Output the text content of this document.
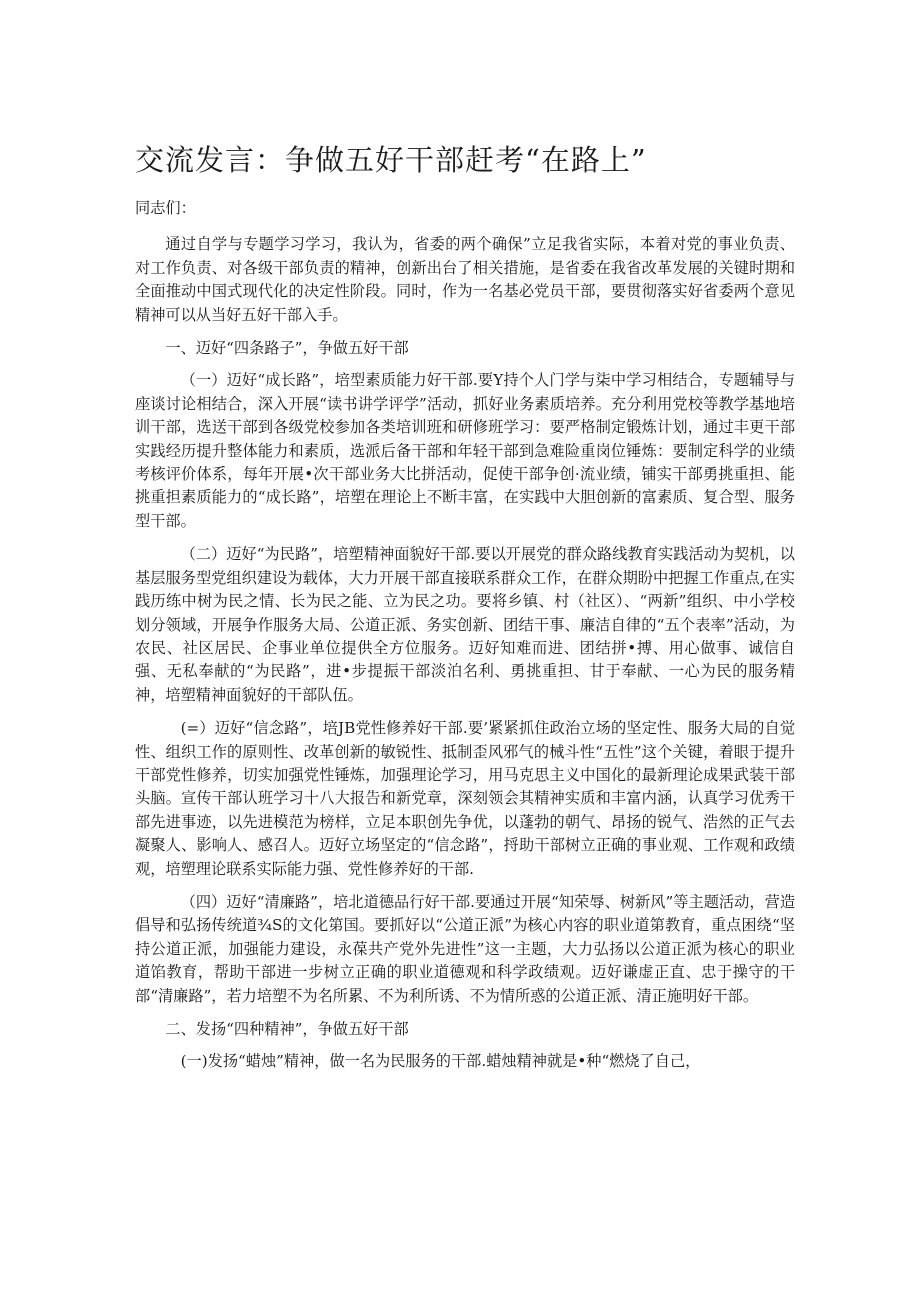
交流发言：争做五好干部赶考“在路上”

同志们：

通过自学与专题学习学习，我认为，省委的两个确保”立足我省实际，本着对党的事业负责、对工作负责、对各级干部负责的精神，创新出台了相关措施，是省委在我省改革发展的关键时期和全面推动中国式现代化的决定性阶段。同时，作为一名基必党员干部，要贯彻落实好省委两个意见精神可以从当好五好干部入手。

一、迈好“四条路子”，争做五好干部

（一）迈好“成长路”，培型素质能力好干部.要Y持个人门学与柒中学习相结合，专题辅导与座谈讨论相结合，深入开展“读书讲学评学”活动，抓好业务素质培养。充分利用党校等教学基地培训干部，选送干部到各级党校参加各类培训班和研修班学习：要严格制定锻炼计划，通过丰更干部实践经历提升整体能力和素质，选派后备干部和年轻干部到急难险重岗位锤炼：要制定科学的业绩考核评价体系，每年开展•次干部业务大比拼活动，促使干部争创·流业绩，铺实干部勇挑重担、能挑重担素质能力的“成长路”，培塑在理论上不断丰富，在实践中大胆创新的富素质、复合型、服务型干部。

（二）迈好“为民路”，培塑精神面貌好干部.要以开展党的群众路线教育实践活动为契机，以基层服务型党组织建设为载体，大力开展干部直接联系群众工作，在群众期盼中把握工作重点,在实践历练中树为民之情、长为民之能、立为民之功。要将乡镇、村（社区）、“两新”组织、中小学校划分领域，开展争作服务大局、公道正派、务实创新、团结干事、廉洁自律的“五个表率”活动，为农民、社区居民、企事业单位提供全方位服务。迈好知难而进、团结拼•搏、用心做事、诚信自强、无私奉献的“为民路”，进•步提振干部淡泊名利、勇挑重担、甘于奉献、一心为民的服务精神，培塑精神面貌好的干部队伍。

(=）迈好“信念路”，培JB党性修养好干部.要’紧紧抓住政治立场的坚定性、服务大局的自觉性、组织工作的原则性、改革创新的敏锐性、抵制歪风邪气的械斗性“五性”这个关键，着眼于提升干部党性修养，切实加强党性锤炼，加强理论学习，用马克思主义中国化的最新理论成果武装干部头脑。宣传干部认班学习十八大报告和新党章，深刻领会其精神实质和丰富内涵，认真学习优秀干部先进事迹，以先进模范为榜样，立足本职创先争优，以蓬勃的朝气、昂扬的锐气、浩然的正气去凝聚人、影响人、感召人。迈好立场坚定的“信念路”，捋助干部树立正确的事业观、工作观和政绩观，培塑理论联系实际能力强、党性修养好的干部.

（四）迈好“清廉路”，培北道德品行好干部.要通过开展“知荣辱、树新风”等主题活动，营造倡导和弘扬传统道¾S的文化第国。要抓好以“公道正派”为核心内容的职业道第教育，重点困绕“坚持公道正派，加强能力建设，永葆共产党外先进性”这一主题，大力弘扬以公道正派为核心的职业道馅教育，帮助干部进一步树立正确的职业道德观和科学政绩观。迈好谦虚正直、忠于操守的干部“清廉路”，若力培塑不为名所累、不为利所诱、不为情所惑的公道正派、清正施明好干部。

二、发扬“四种精神”，争做五好干部

(一)发扬“蜡烛”精神，做一名为民服务的干部.蜡烛精神就是•种“燃烧了自己，
